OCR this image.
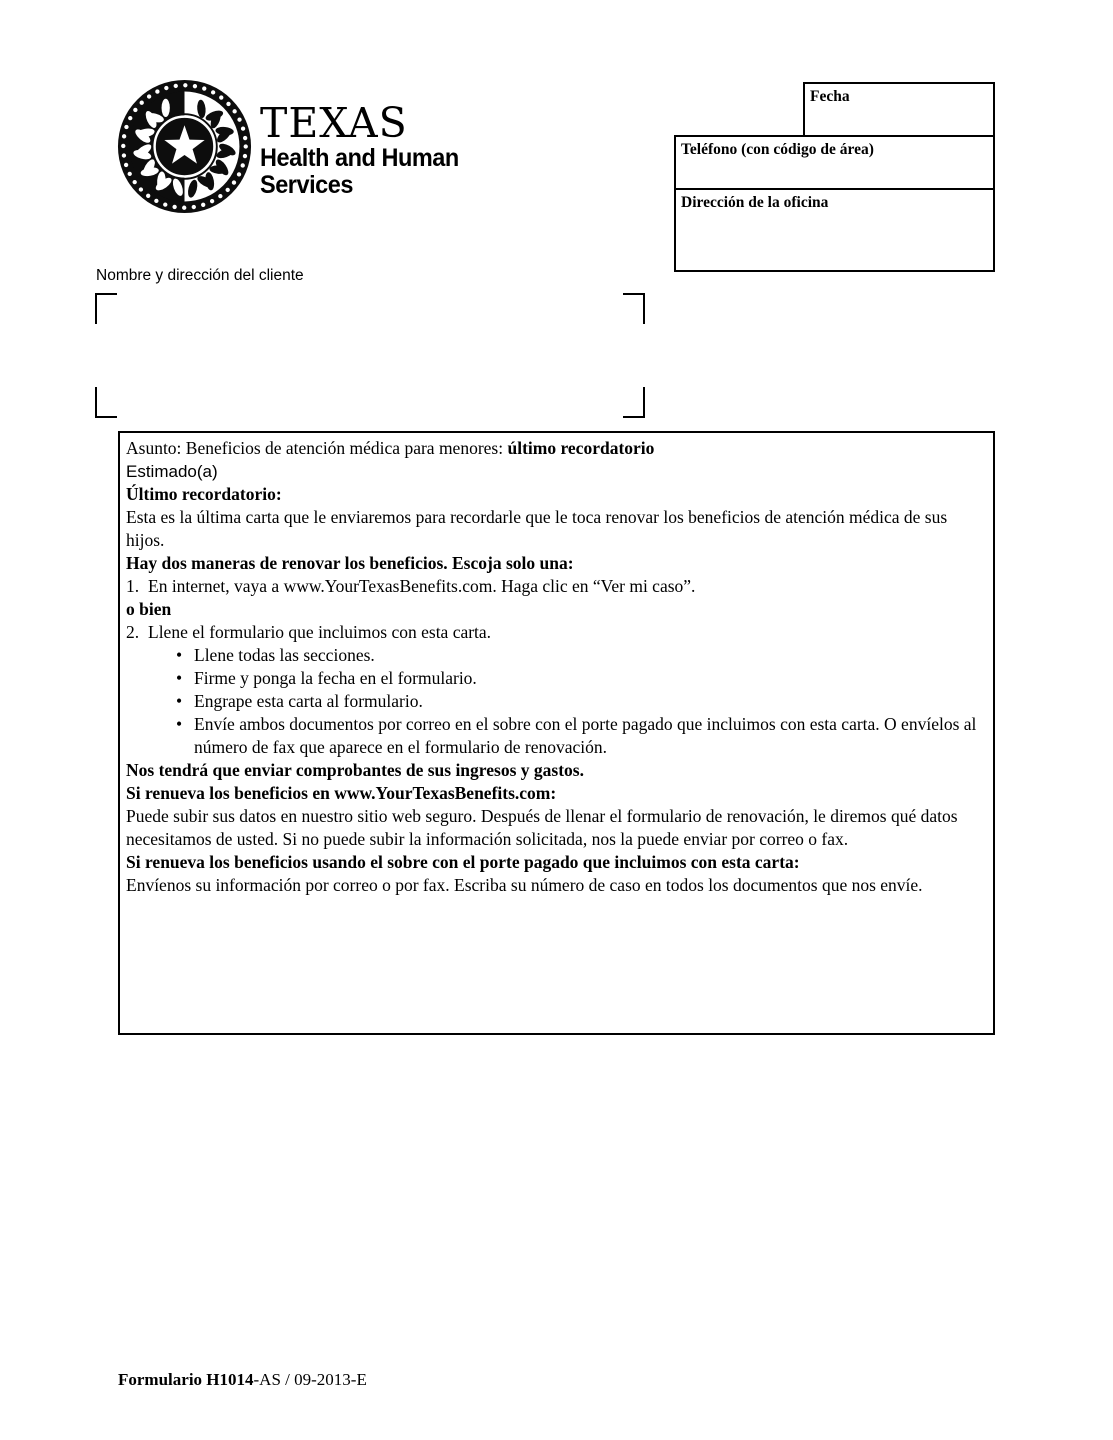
TEXAS
Health and Human
Services
Fecha
Teléfono (con código de área)
Dirección de la oficina
Nombre y dirección del cliente

Asunto: Beneficios de atención médica para menores: último recordatorio

Estimado(a)

Último recordatorio:

Esta es la última carta que le enviaremos para recordarle que le toca renovar los beneficios de atención médica de sus hijos.

Hay dos maneras de renovar los beneficios. Escoja solo una:

1. En internet, vaya a www.YourTexasBenefits.com. Haga clic en “Ver mi caso”.

o bien

2. Llene el formulario que incluimos con esta carta.

• Llene todas las secciones.
• Firme y ponga la fecha en el formulario.
• Engrape esta carta al formulario.
• Envíe ambos documentos por correo en el sobre con el porte pagado que incluimos con esta carta. O envíelos al número de fax que aparece en el formulario de renovación.

Nos tendrá que enviar comprobantes de sus ingresos y gastos.

Si renueva los beneficios en www.YourTexasBenefits.com:

Puede subir sus datos en nuestro sitio web seguro. Después de llenar el formulario de renovación, le diremos qué datos necesitamos de usted. Si no puede subir la información solicitada, nos la puede enviar por correo o fax.

Si renueva los beneficios usando el sobre con el porte pagado que incluimos con esta carta:

Envíenos su información por correo o por fax. Escriba su número de caso en todos los documentos que nos envíe.

Formulario H1014-AS / 09-2013-E
